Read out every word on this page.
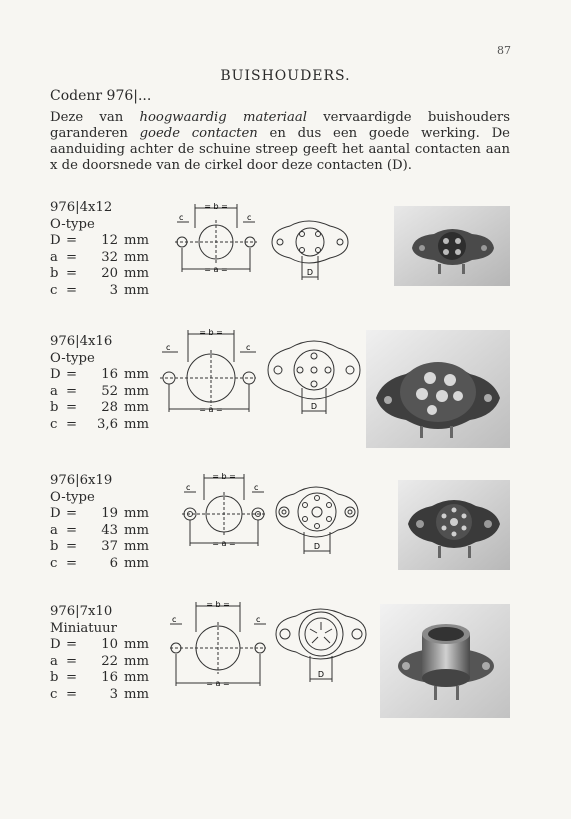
87
BUISHOUDERS.
Codenr 976|...
Deze van hoogwaardig materiaal vervaardigde buishouders garanderen goede contacten en dus een goede werking. De aanduiding achter de schuine streep geeft het aantal contacten aan x de doorsnede van de cirkel door deze contacten (D).
976|4x12
O-type
D =	12 mm
a =	32 mm
b =	20 mm
c =	3 mm
= b =
c	c
= a =	D
976|4x16
O-type
D =	16 mm
a =	52 mm
b =	28 mm
c =	3,6 mm
= b =
c	c
= a =	D
976|6x19
O-type
D =	19 mm
a =	43 mm
b =	37 mm
c =	6 mm
= b =
c	c
= a =	D
976|7x10
Miniatuur
D =	10 mm
a =	22 mm
b =	16 mm
c =	3 mm
= b =
c	c
= a =
D
